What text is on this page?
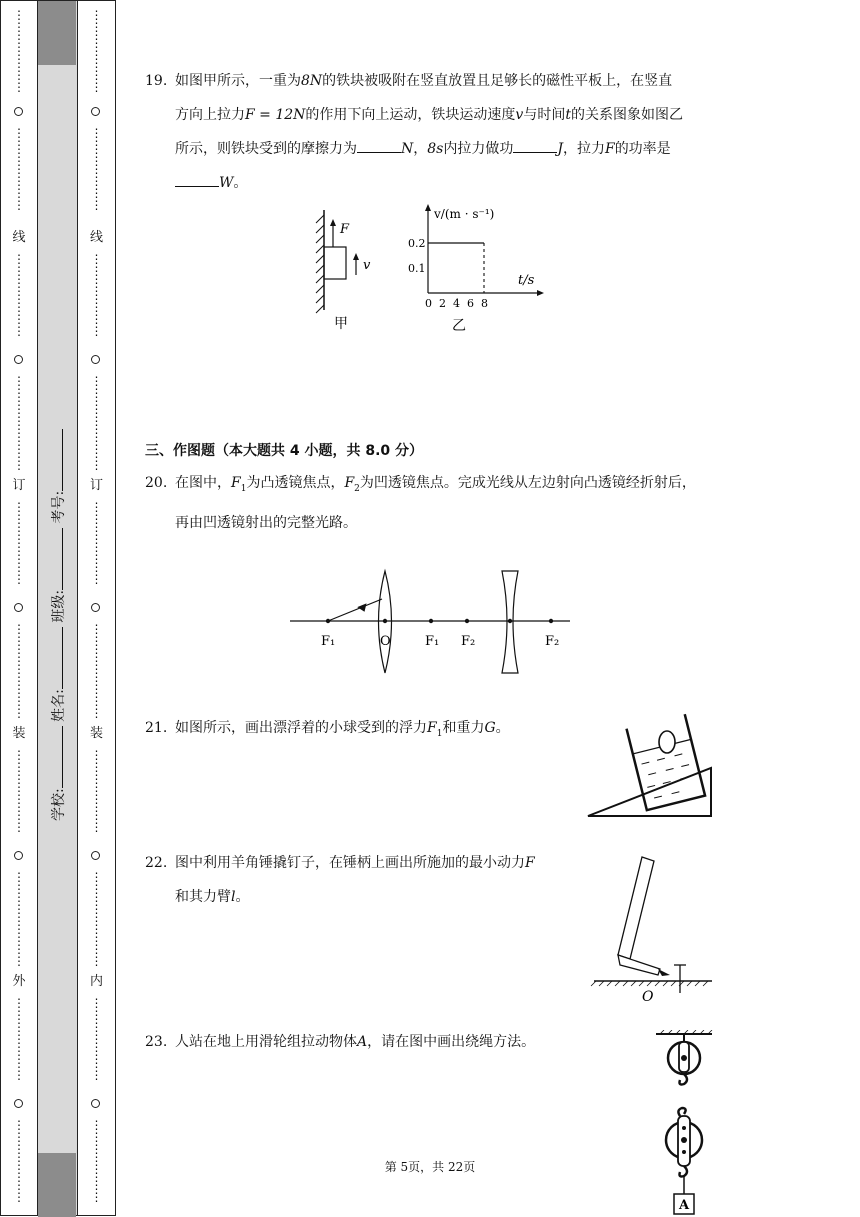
⋮
⋮
⋮
⋮
⋮
⋮
⋮

⋮
⋮
⋮
⋮
⋮
⋮
⋮

线
⋮
⋮
⋮
⋮
⋮
⋮
⋮

⋮
⋮
⋮
⋮
⋮
⋮
⋮
⋮

订
⋮
⋮
⋮
⋮
⋮
⋮
⋮

⋮
⋮
⋮
⋮
⋮
⋮
⋮
⋮

装
⋮
⋮
⋮
⋮
⋮
⋮
⋮

⋮
⋮
⋮
⋮
⋮
⋮
⋮
⋮

外
⋮
⋮
⋮
⋮
⋮
⋮
⋮

⋮
⋮
⋮
⋮
⋮
⋮
⋮

学校: 姓名: 班级: 考号:
⋮
⋮
⋮
⋮
⋮
⋮
⋮

⋮
⋮
⋮
⋮
⋮
⋮
⋮

线
⋮
⋮
⋮
⋮
⋮
⋮
⋮

⋮
⋮
⋮
⋮
⋮
⋮
⋮
⋮

订
⋮
⋮
⋮
⋮
⋮
⋮
⋮

⋮
⋮
⋮
⋮
⋮
⋮
⋮
⋮

装
⋮
⋮
⋮
⋮
⋮
⋮
⋮

⋮
⋮
⋮
⋮
⋮
⋮
⋮
⋮

内
⋮
⋮
⋮
⋮
⋮
⋮
⋮

⋮
⋮
⋮
⋮
⋮
⋮
⋮

19. 如图甲所示，一重为8N的铁块被吸附在竖直放置且足够长的磁性平板上，在竖直
方向上拉力F = 12N的作用下向上运动，铁块运动速度v与时间t的关系图象如图乙
所示，则铁块受到的摩擦力为	N，8s内拉力做功	J，拉力F的功率是
W。
F
v
甲
v/(m · s⁻¹)
t/s
0 2 4 6 8
0.2
0.1
乙
三、作图题（本大题共 4 小题，共 8.0 分）
20. 在图中，$F_1$为凸透镜焦点，$F_2$为凹透镜焦点。完成光线从左边射向凸透镜经折射后，
再由凹透镜射出的完整光路。
F₁	O	F₁ F₂	F₂
21. 如图所示，画出漂浮着的小球受到的浮力$F_1$和重力G。
22. 图中利用羊角锤撬钉子，在锤柄上画出所施加的最小动力F
和其力臂l。
O
23. 人站在地上用滑轮组拉动物体A，请在图中画出绕绳方法。
A
第 5页，共 22页
